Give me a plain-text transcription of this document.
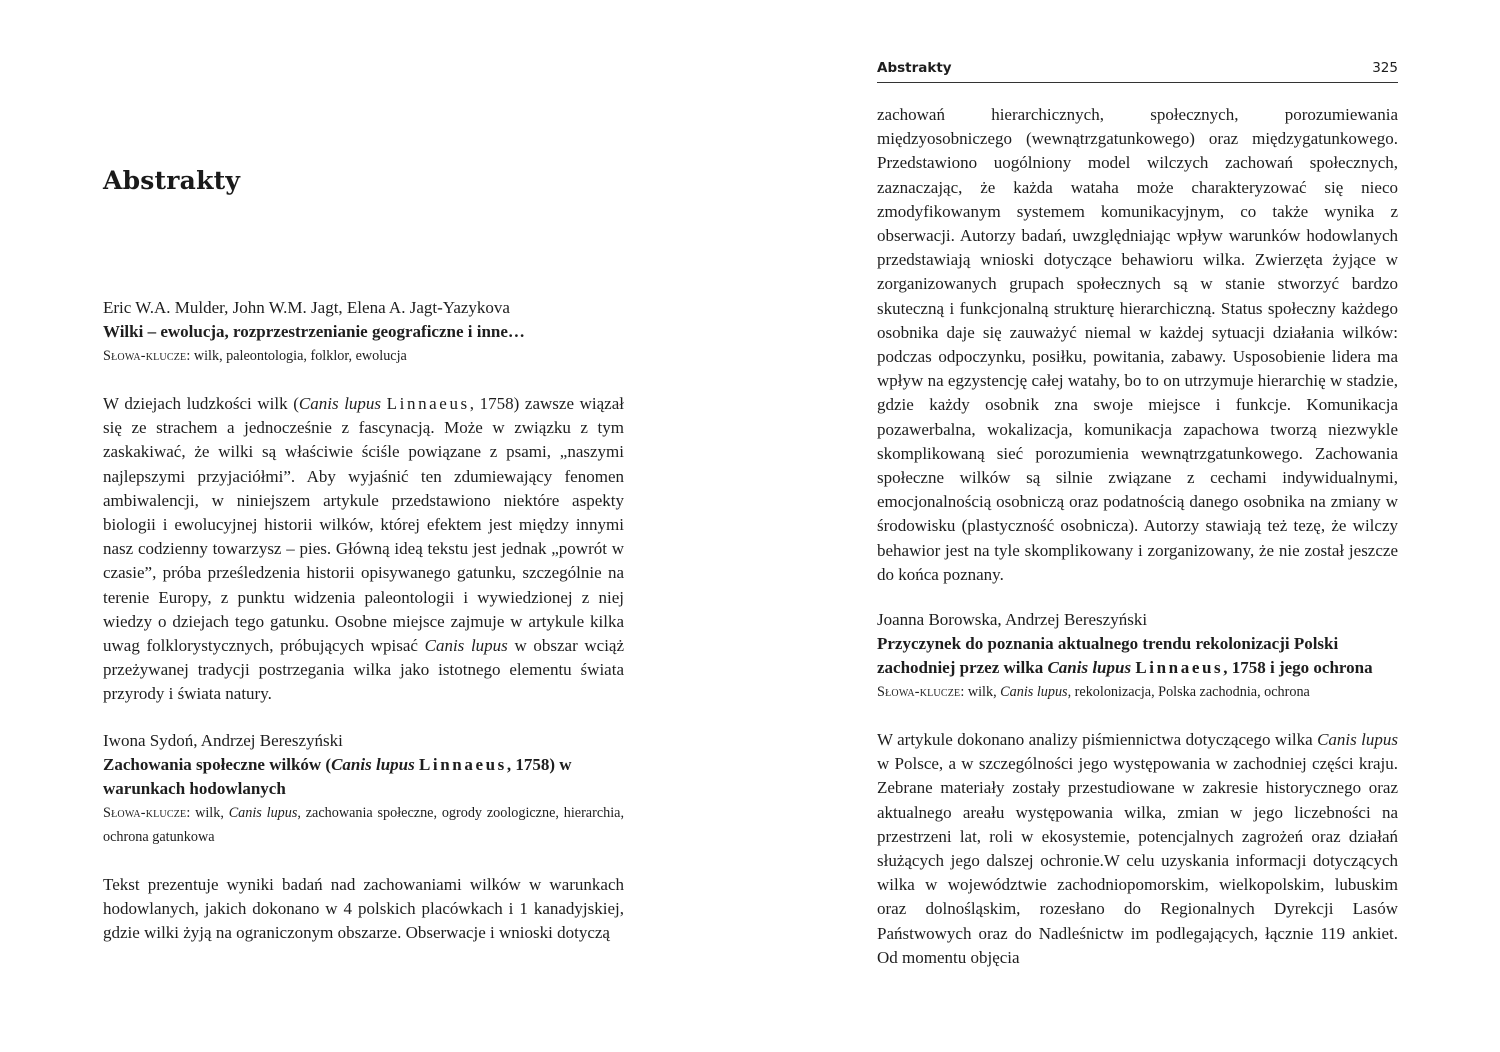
Abstrakty

Eric W.A. Mulder, John W.M. Jagt, Elena A. Jagt-Yazykova

Wilki – ewolucja, rozprzestrzenianie geograficzne i inne…

Słowa-klucze: wilk, paleontologia, folklor, ewolucja

W dziejach ludzkości wilk (Canis lupus Linnaeus, 1758) zawsze wiązał się ze strachem a jednocześnie z fascynacją. Może w związku z tym zaskakiwać, że wilki są właściwie ściśle powiązane z psami, „naszymi najlepszymi przyjaciółmi”. Aby wyjaśnić ten zdumiewający fenomen ambiwalencji, w niniejszem artykule przedstawiono niektóre aspekty biologii i ewolucyjnej historii wilków, której efektem jest między innymi nasz codzienny towarzysz – pies. Główną ideą tekstu jest jednak „powrót w czasie”, próba prześledzenia historii opisywanego gatunku, szczególnie na terenie Europy, z punktu widzenia paleontologii i wywiedzionej z niej wiedzy o dziejach tego gatunku. Osobne miejsce zajmuje w artykule kilka uwag folklorystycznych, próbujących wpisać Canis lupus w obszar wciąż przeżywanej tradycji postrzegania wilka jako istotnego elementu świata przyrody i świata natury.

Iwona Sydoń, Andrzej Bereszyński

Zachowania społeczne wilków (Canis lupus Linnaeus, 1758) w warunkach hodowlanych

Słowa-klucze: wilk, Canis lupus, zachowania społeczne, ogrody zoologiczne, hierarchia, ochrona gatunkowa

Tekst prezentuje wyniki badań nad zachowaniami wilków w warunkach hodowlanych, jakich dokonano w 4 polskich placówkach i 1 kanadyjskiej, gdzie wilki żyją na ograniczonym obszarze. Obserwacje i wnioski dotyczą

Abstrakty	325

zachowań hierarchicznych, społecznych, porozumiewania międzyosobniczego (wewnątrzgatunkowego) oraz międzygatunkowego. Przedstawiono uogólniony model wilczych zachowań społecznych, zaznaczając, że każda wataha może charakteryzować się nieco zmodyfikowanym systemem komunikacyjnym, co także wynika z obserwacji. Autorzy badań, uwzględniając wpływ warunków hodowlanych przedstawiają wnioski dotyczące behawioru wilka. Zwierzęta żyjące w zorganizowanych grupach społecznych są w stanie stworzyć bardzo skuteczną i funkcjonalną strukturę hierarchiczną. Status społeczny każdego osobnika daje się zauważyć niemal w każdej sytuacji działania wilków: podczas odpoczynku, posiłku, powitania, zabawy. Usposobienie lidera ma wpływ na egzystencję całej watahy, bo to on utrzymuje hierarchię w stadzie, gdzie każdy osobnik zna swoje miejsce i funkcje. Komunikacja pozawerbalna, wokalizacja, komunikacja zapachowa tworzą niezwykle skomplikowaną sieć porozumienia wewnątrzgatunkowego. Zachowania społeczne wilków są silnie związane z cechami indywidualnymi, emocjonalnością osobniczą oraz podatnością danego osobnika na zmiany w środowisku (plastyczność osobnicza). Autorzy stawiają też tezę, że wilczy behawior jest na tyle skomplikowany i zorganizowany, że nie został jeszcze do końca poznany.

Joanna Borowska, Andrzej Bereszyński

Przyczynek do poznania aktualnego trendu rekolonizacji Polski zachodniej przez wilka Canis lupus Linnaeus, 1758 i jego ochrona

Słowa-klucze: wilk, Canis lupus, rekolonizacja, Polska zachodnia, ochrona

W artykule dokonano analizy piśmiennictwa dotyczącego wilka Canis lupus w Polsce, a w szczególności jego występowania w zachodniej części kraju. Zebrane materiały zostały przestudiowane w zakresie historycznego oraz aktualnego areału występowania wilka, zmian w jego liczebności na przestrzeni lat, roli w ekosystemie, potencjalnych zagrożeń oraz działań służących jego dalszej ochronie.W celu uzyskania informacji dotyczących wilka w województwie zachodniopomorskim, wielkopolskim, lubuskim oraz dolnośląskim, rozesłano do Regionalnych Dyrekcji Lasów Państwowych oraz do Nadleśnictw im podlegających, łącznie 119 ankiet. Od momentu objęcia
